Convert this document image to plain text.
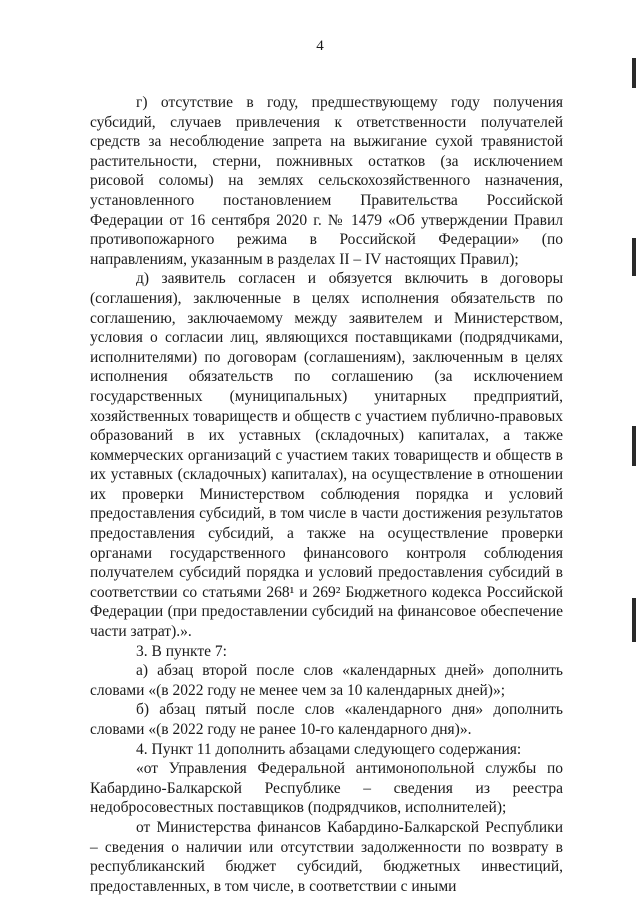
4

г) отсутствие в году, предшествующему году получения субсидий, случаев привлечения к ответственности получателей средств за несоблюдение запрета на выжигание сухой травянистой растительности, стерни, пожнивных остатков (за исключением рисовой соломы) на землях сельскохозяйственного назначения, установленного постановлением Правительства Российской Федерации от 16 сентября 2020 г. № 1479 «Об утверждении Правил противопожарного режима в Российской Федерации» (по направлениям, указанным в разделах II – IV настоящих Правил);

д) заявитель согласен и обязуется включить в договоры (соглашения), заключенные в целях исполнения обязательств по соглашению, заключаемому между заявителем и Министерством, условия о согласии лиц, являющихся поставщиками (подрядчиками, исполнителями) по договорам (соглашениям), заключенным в целях исполнения обязательств по соглашению (за исключением государственных (муниципальных) унитарных предприятий, хозяйственных товариществ и обществ с участием публично-правовых образований в их уставных (складочных) капиталах, а также коммерческих организаций с участием таких товариществ и обществ в их уставных (складочных) капиталах), на осуществление в отношении их проверки Министерством соблюдения порядка и условий предоставления субсидий, в том числе в части достижения результатов предоставления субсидий, а также на осуществление проверки органами государственного финансового контроля соблюдения получателем субсидий порядка и условий предоставления субсидий в соответствии со статьями 268¹ и 269² Бюджетного кодекса Российской Федерации (при предоставлении субсидий на финансовое обеспечение части затрат).».

3. В пункте 7:

а) абзац второй после слов «календарных дней» дополнить словами «(в 2022 году не менее чем за 10 календарных дней)»;

б) абзац пятый после слов «календарного дня» дополнить словами «(в 2022 году не ранее 10-го календарного дня)».

4. Пункт 11 дополнить абзацами следующего содержания:

«от Управления Федеральной антимонопольной службы по Кабардино-Балкарской Республике – сведения из реестра недобросовестных поставщиков (подрядчиков, исполнителей);

от Министерства финансов Кабардино-Балкарской Республики – сведения о наличии или отсутствии задолженности по возврату в республиканский бюджет субсидий, бюджетных инвестиций, предоставленных, в том числе, в соответствии с иными
